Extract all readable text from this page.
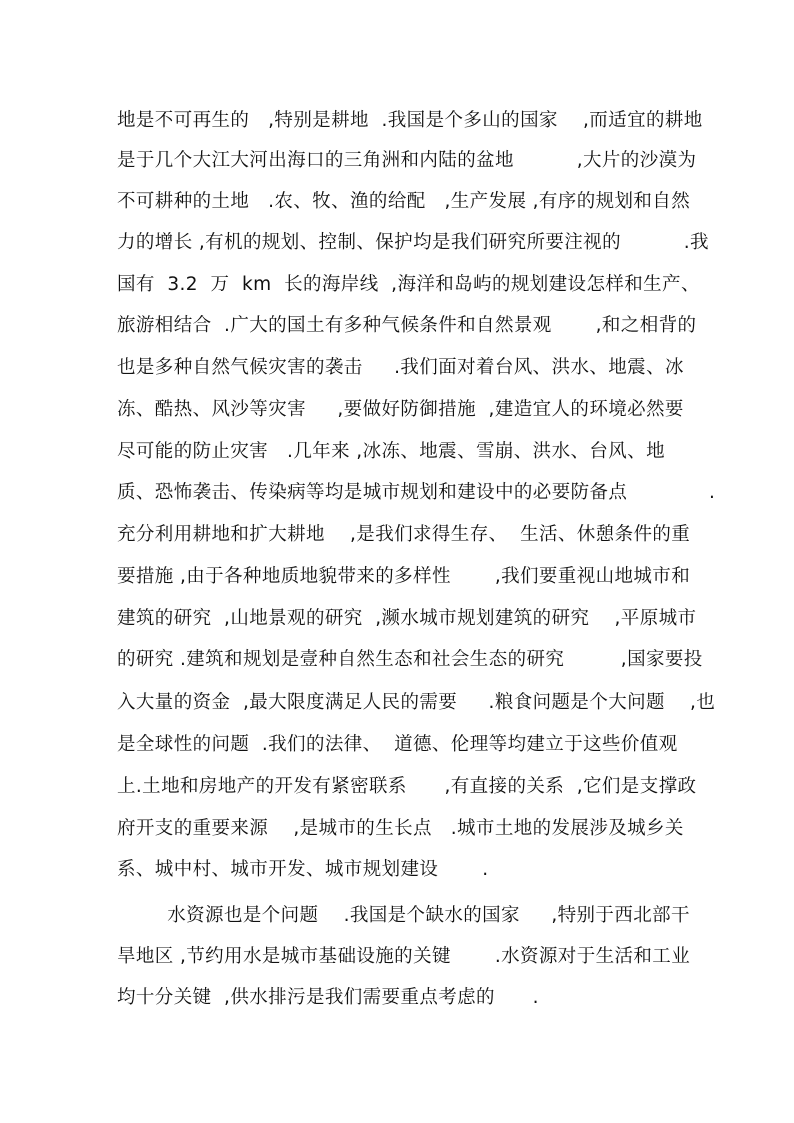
地是不可再生的   ,特别是耕地  .我国是个多山的国家    ,而适宜的耕地
是于几个大江大河出海口的三角洲和内陆的盆地          ,大片的沙漠为
不可耕种的土地   .农、牧、渔的给配   ,生产发展 ,有序的规划和自然
力的增长 ,有机的规划、控制、保护均是我们研究所要注视的          .我
国有  3.2  万  km  长的海岸线  ,海洋和岛屿的规划建设怎样和生产、
旅游相结合  .广大的国土有多种气候条件和自然景观       ,和之相背的
也是多种自然气候灾害的袭击     .我们面对着台风、洪水、地震、冰
冻、酷热、风沙等灾害     ,要做好防御措施  ,建造宜人的环境必然要
尽可能的防止灾害   .几年来 ,冰冻、地震、雪崩、洪水、台风、地
质、恐怖袭击、传染病等均是城市规划和建设中的必要防备点             .
充分利用耕地和扩大耕地    ,是我们求得生存、  生活、休憩条件的重
要措施 ,由于各种地质地貌带来的多样性       ,我们要重视山地城市和
建筑的研究  ,山地景观的研究  ,濒水城市规划建筑的研究    ,平原城市
的研究 .建筑和规划是壹种自然生态和社会生态的研究         ,国家要投
入大量的资金  ,最大限度满足人民的需要     .粮食问题是个大问题    ,也
是全球性的问题  .我们的法律、  道德、伦理等均建立于这些价值观
上.土地和房地产的开发有紧密联系      ,有直接的关系  ,它们是支撑政
府开支的重要来源    ,是城市的生长点   .城市土地的发展涉及城乡关
系、城中村、城市开发、城市规划建设       .
水资源也是个问题    .我国是个缺水的国家     ,特别于西北部干
旱地区 ,节约用水是城市基础设施的关键       .水资源对于生活和工业
均十分关键  ,供水排污是我们需要重点考虑的      .
